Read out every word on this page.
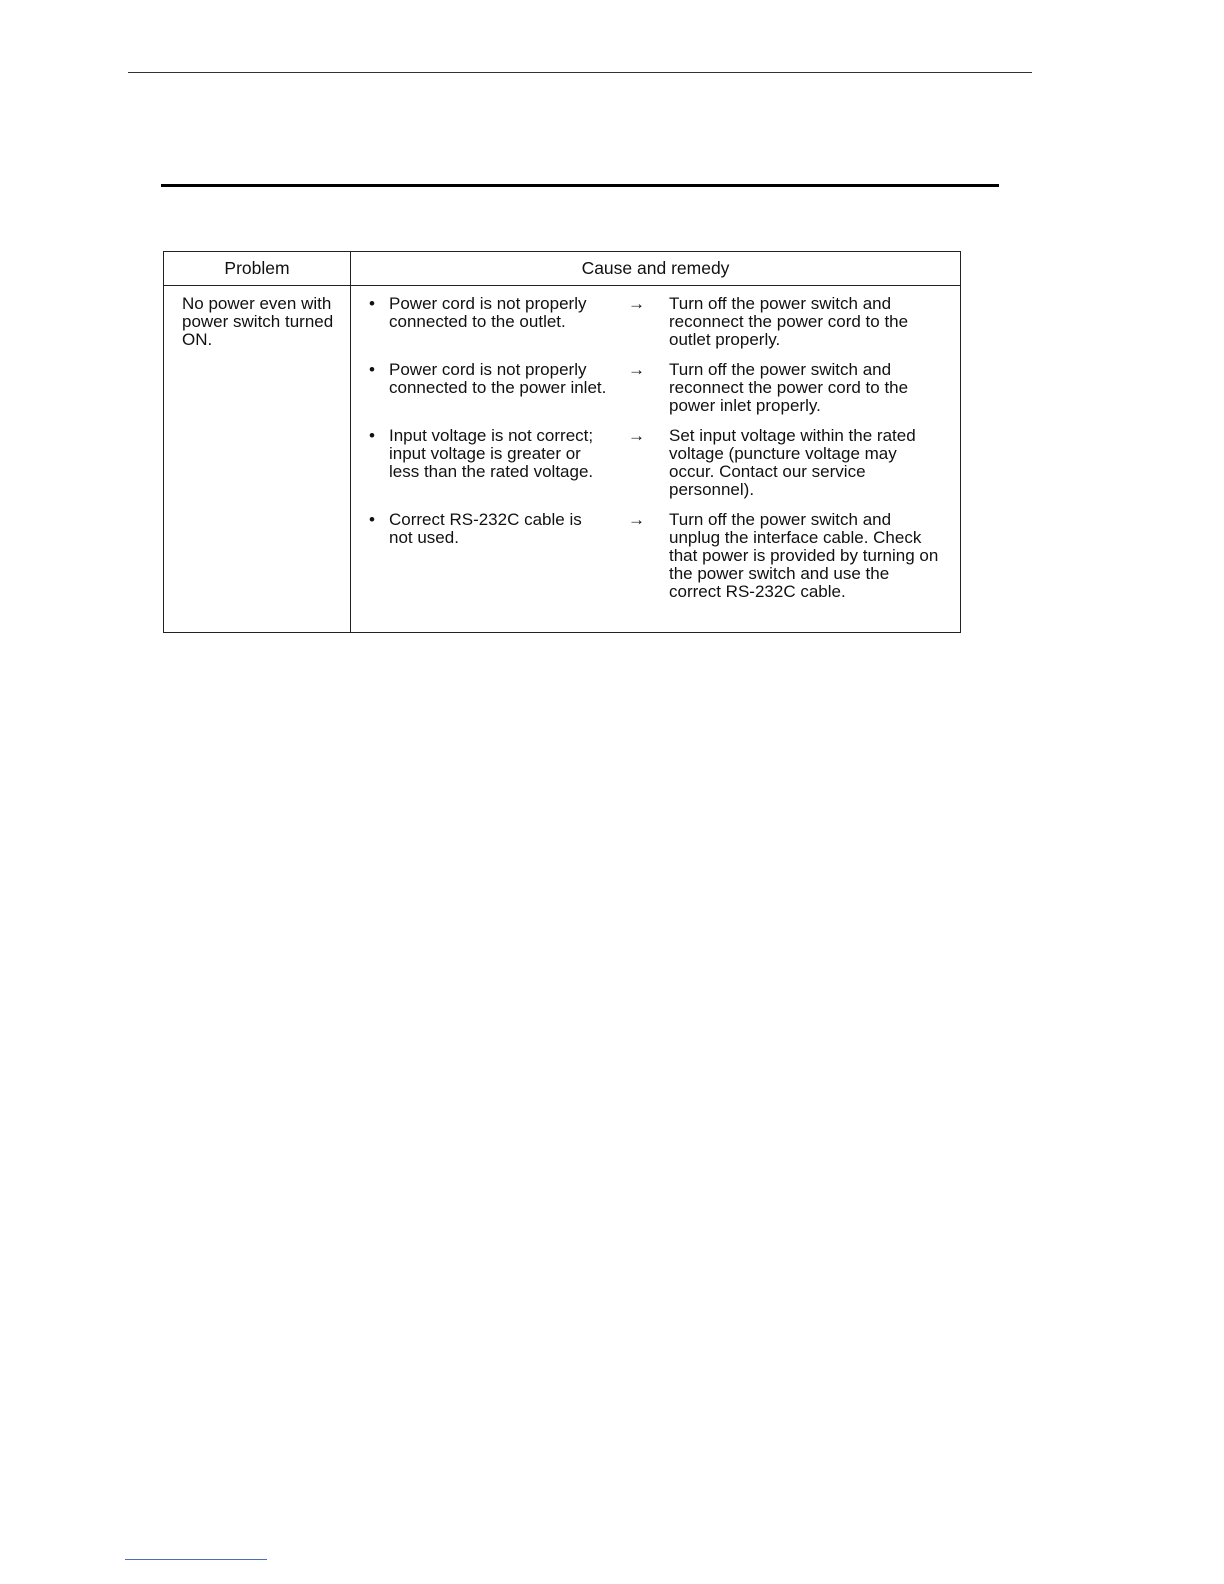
Problem	Cause and remedy
No power even with power switch turned ON.
• Power cord is not properly connected to the outlet.
→ Turn off the power switch and reconnect the power cord to the outlet properly.
• Power cord is not properly connected to the power inlet.
→ Turn off the power switch and reconnect the power cord to the power inlet properly.
• Input voltage is not correct; input voltage is greater or less than the rated voltage.
→ Set input voltage within the rated voltage (puncture voltage may occur. Contact our service personnel).
• Correct RS-232C cable is not used.
→ Turn off the power switch and unplug the interface cable. Check that power is provided by turning on the power switch and use the correct RS-232C cable.
